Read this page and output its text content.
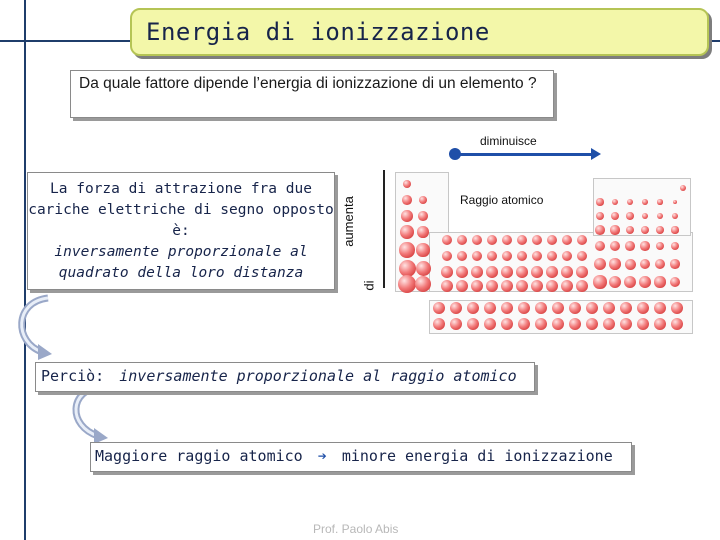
Energia di ionizzazione
Da quale fattore dipende l’energia di ionizzazione di un elemento ?
diminuisce
La forza di attrazione fra due
cariche elettriche di segno opposto
è:
inversamente proporzionale al
quadrato della loro distanza
aumenta
di
Raggio atomico
Perciò: inversamente proporzionale al raggio atomico
Maggiore raggio atomico ➔ minore energia di ionizzazione
Prof. Paolo Abis
